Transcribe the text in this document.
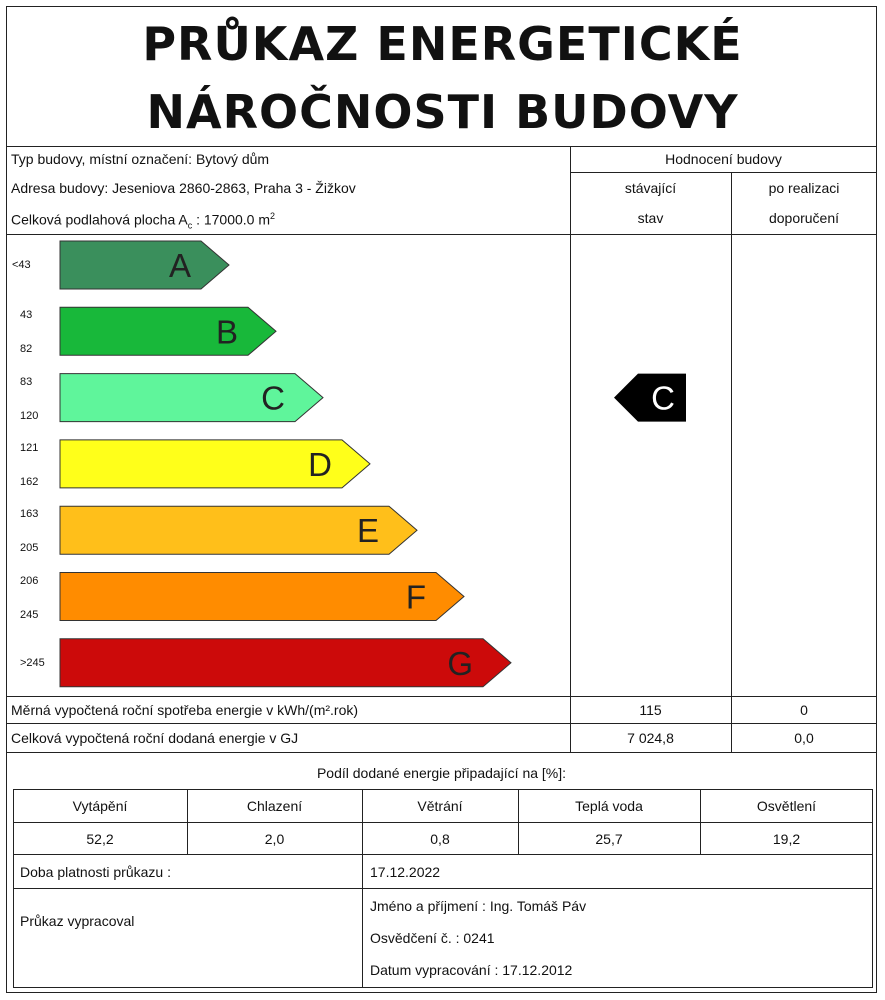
PRŮKAZ ENERGETICKÉ
NÁROČNOSTI BUDOVY
Typ budovy, místní označení: Bytový dům
Adresa budovy: Jeseniova 2860-2863, Praha 3 - Žižkov
Celková podlahová plocha $A_c$ : 17000.0 $m^2$
Hodnocení budovy
stávající
stav
po realizaci
doporučení
<43
43
82
83
120
121
162
163
205
206
245
>245
A
B
C
D
E
F
G
C
Měrná vypočtená roční spotřeba energie v kWh/(m².rok)	115	0
Celková vypočtená roční dodaná energie v GJ	7 024,8	0,0
Podíl dodané energie připadající na [%]:
Vytápění	Chlazení	Větrání	Teplá voda	Osvětlení
52,2	2,0	0,8	25,7	19,2
Doba platnosti průkazu :	17.12.2022
Průkaz vypracoval
Jméno a příjmení : Ing. Tomáš Páv
Osvědčení č. : 0241
Datum vypracování : 17.12.2012
